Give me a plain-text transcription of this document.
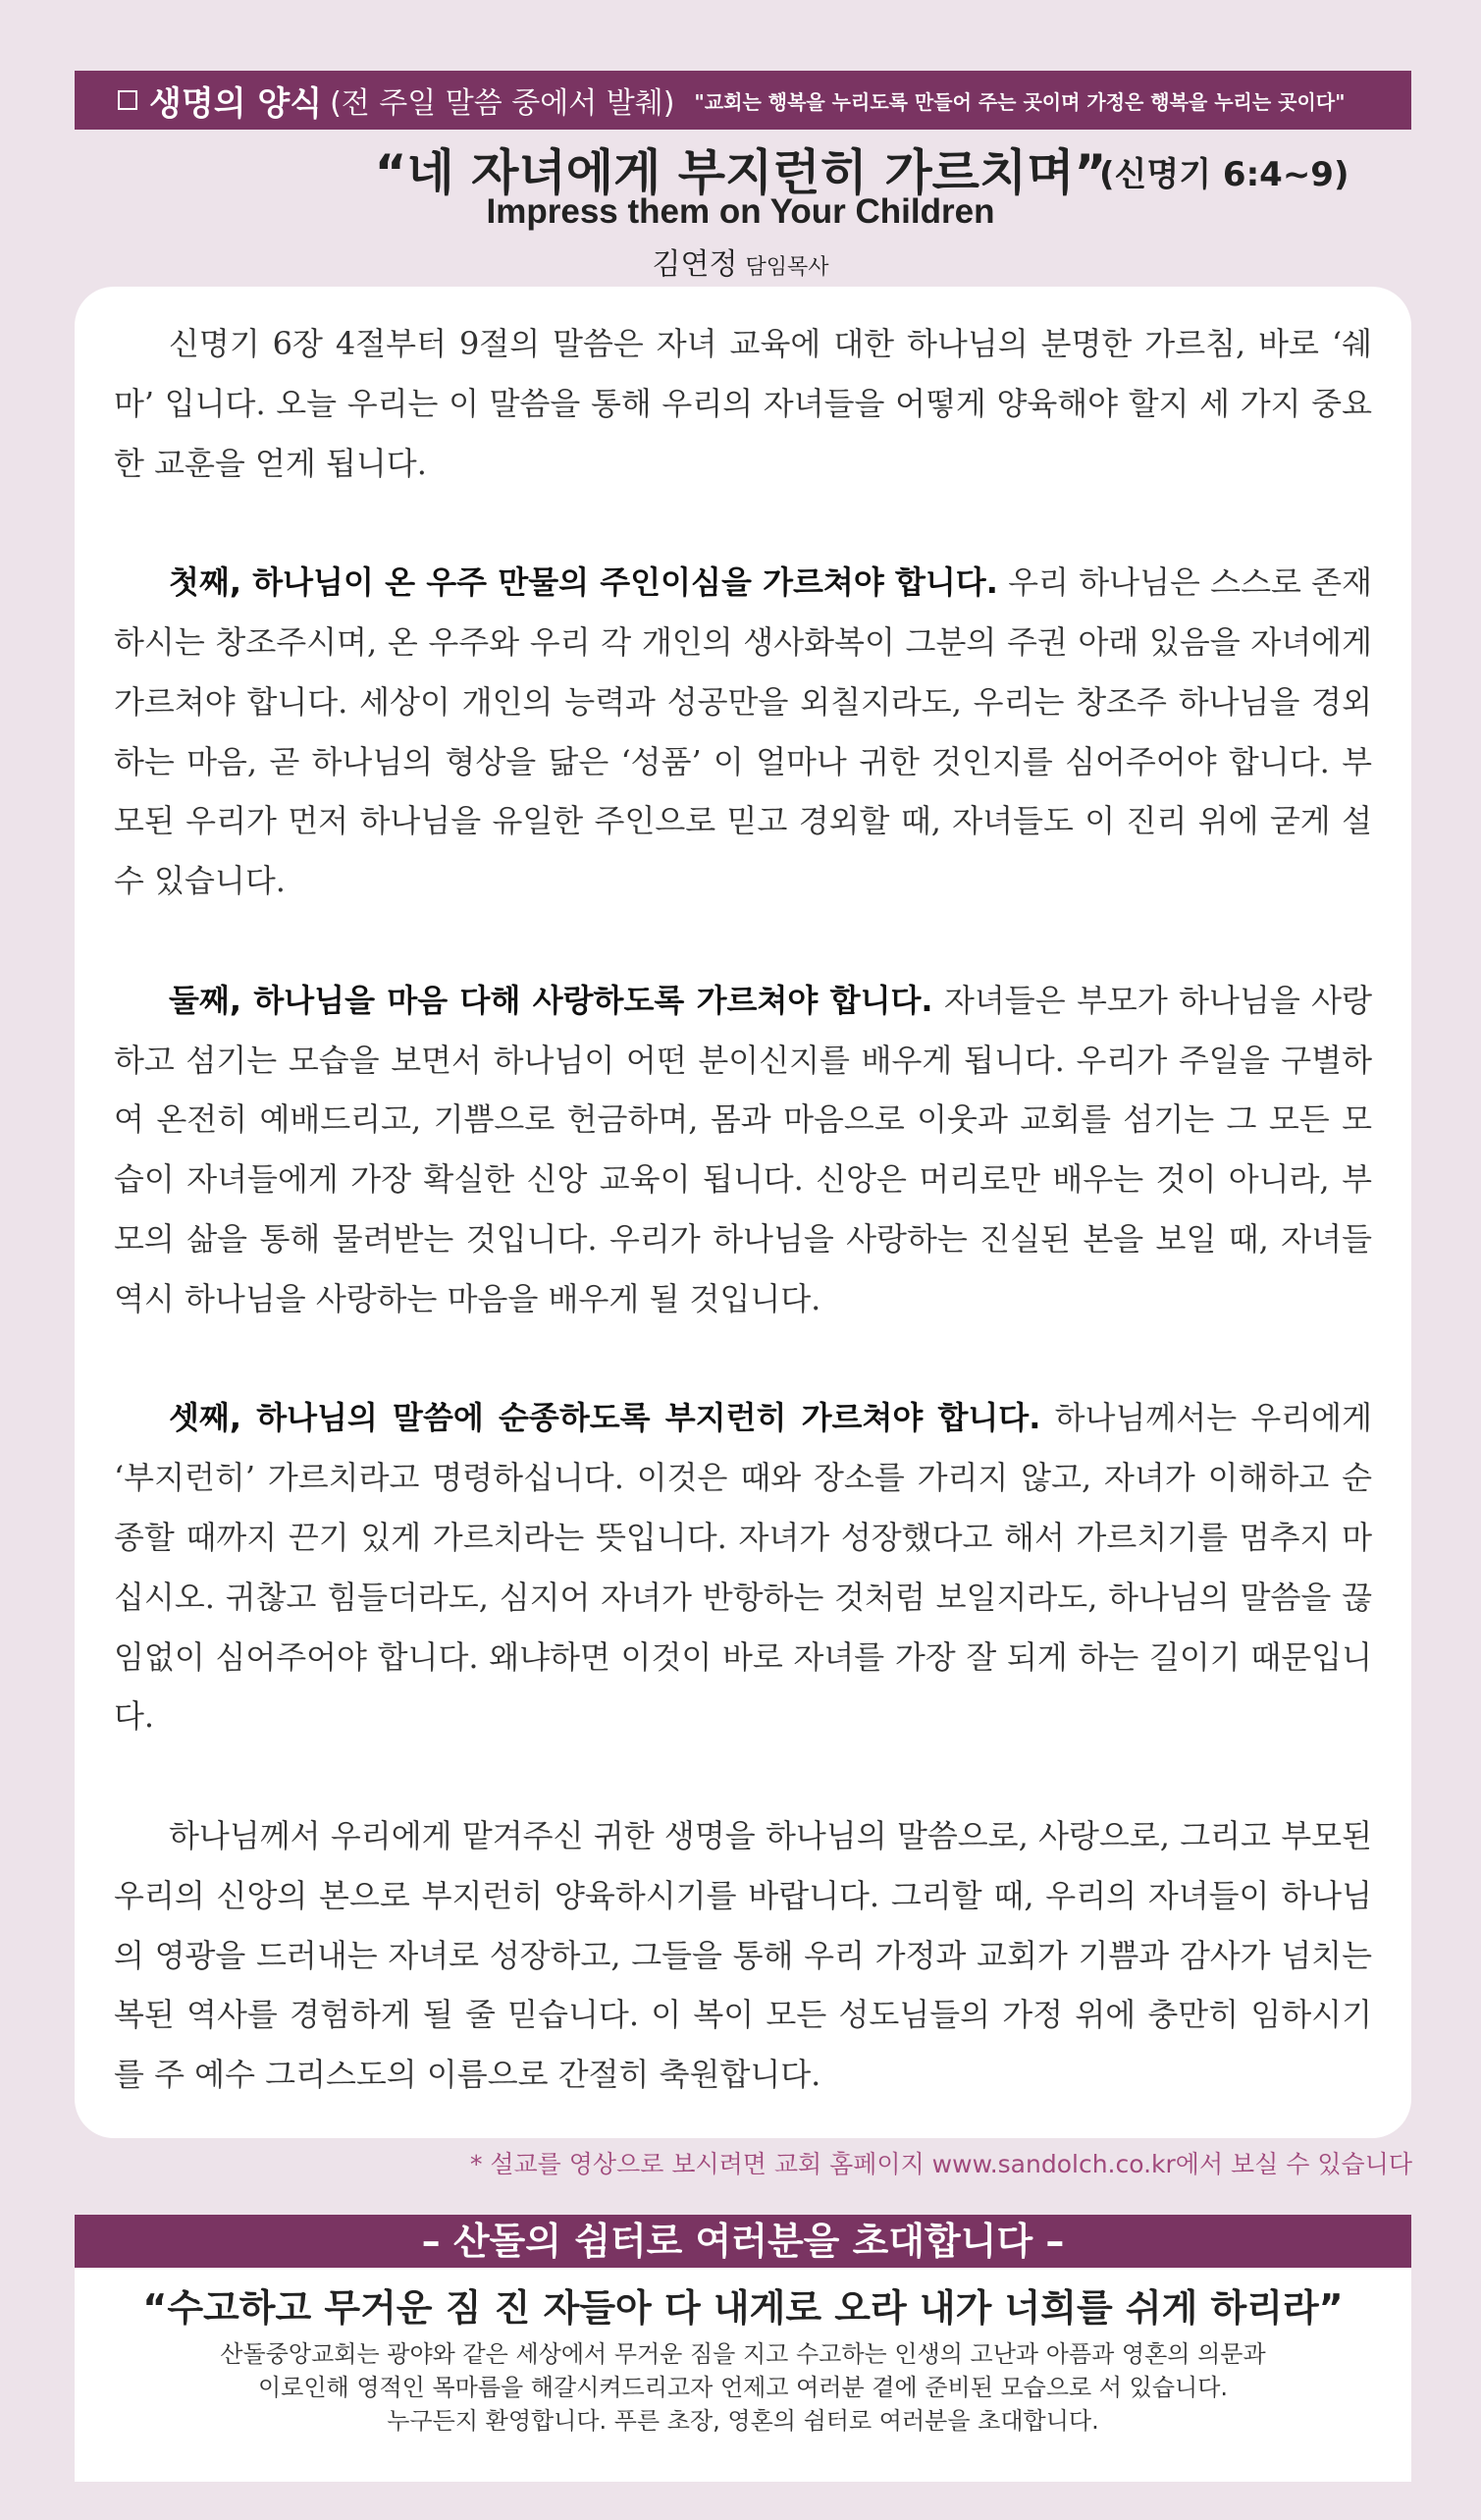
생명의 양식 (전 주일 말씀 중에서 발췌) "교회는 행복을 누리도록 만들어 주는 곳이며 가정은 행복을 누리는 곳이다"
“네 자녀에게 부지런히 가르치며”
(신명기 6:4~9)
Impress them on Your Children
김연정 담임목사

신명기 6장 4절부터 9절의 말씀은 자녀 교육에 대한 하나님의 분명한 가르침, 바로 ‘쉐마’ 입니다. 오늘 우리는 이 말씀을 통해 우리의 자녀들을 어떻게 양육해야 할지 세 가지 중요한 교훈을 얻게 됩니다.

첫째, 하나님이 온 우주 만물의 주인이심을 가르쳐야 합니다. 우리 하나님은 스스로 존재하시는 창조주시며, 온 우주와 우리 각 개인의 생사화복이 그분의 주권 아래 있음을 자녀에게 가르쳐야 합니다. 세상이 개인의 능력과 성공만을 외칠지라도, 우리는 창조주 하나님을 경외하는 마음, 곧 하나님의 형상을 닮은 ‘성품’ 이 얼마나 귀한 것인지를 심어주어야 합니다. 부모된 우리가 먼저 하나님을 유일한 주인으로 믿고 경외할 때, 자녀들도 이 진리 위에 굳게 설 수 있습니다.

둘째, 하나님을 마음 다해 사랑하도록 가르쳐야 합니다. 자녀들은 부모가 하나님을 사랑하고 섬기는 모습을 보면서 하나님이 어떤 분이신지를 배우게 됩니다. 우리가 주일을 구별하여 온전히 예배드리고, 기쁨으로 헌금하며, 몸과 마음으로 이웃과 교회를 섬기는 그 모든 모습이 자녀들에게 가장 확실한 신앙 교육이 됩니다. 신앙은 머리로만 배우는 것이 아니라, 부모의 삶을 통해 물려받는 것입니다. 우리가 하나님을 사랑하는 진실된 본을 보일 때, 자녀들 역시 하나님을 사랑하는 마음을 배우게 될 것입니다.

셋째, 하나님의 말씀에 순종하도록 부지런히 가르쳐야 합니다. 하나님께서는 우리에게 ‘부지런히’ 가르치라고 명령하십니다. 이것은 때와 장소를 가리지 않고, 자녀가 이해하고 순종할 때까지 끈기 있게 가르치라는 뜻입니다. 자녀가 성장했다고 해서 가르치기를 멈추지 마십시오. 귀찮고 힘들더라도, 심지어 자녀가 반항하는 것처럼 보일지라도, 하나님의 말씀을 끊임없이 심어주어야 합니다. 왜냐하면 이것이 바로 자녀를 가장 잘 되게 하는 길이기 때문입니다.

하나님께서 우리에게 맡겨주신 귀한 생명을 하나님의 말씀으로, 사랑으로, 그리고 부모된 우리의 신앙의 본으로 부지런히 양육하시기를 바랍니다. 그리할 때, 우리의 자녀들이 하나님의 영광을 드러내는 자녀로 성장하고, 그들을 통해 우리 가정과 교회가 기쁨과 감사가 넘치는 복된 역사를 경험하게 될 줄 믿습니다. 이 복이 모든 성도님들의 가정 위에 충만히 임하시기를 주 예수 그리스도의 이름으로 간절히 축원합니다.

* 설교를 영상으로 보시려면 교회 홈페이지 www.sandolch.co.kr에서 보실 수 있습니다
– 산돌의 쉼터로 여러분을 초대합니다 –
“수고하고 무거운 짐 진 자들아 다 내게로 오라 내가 너희를 쉬게 하리라”
산돌중앙교회는 광야와 같은 세상에서 무거운 짐을 지고 수고하는 인생의 고난과 아픔과 영혼의 의문과
이로인해 영적인 목마름을 해갈시켜드리고자 언제고 여러분 곁에 준비된 모습으로 서 있습니다.
누구든지 환영합니다. 푸른 초장, 영혼의 쉼터로 여러분을 초대합니다.
